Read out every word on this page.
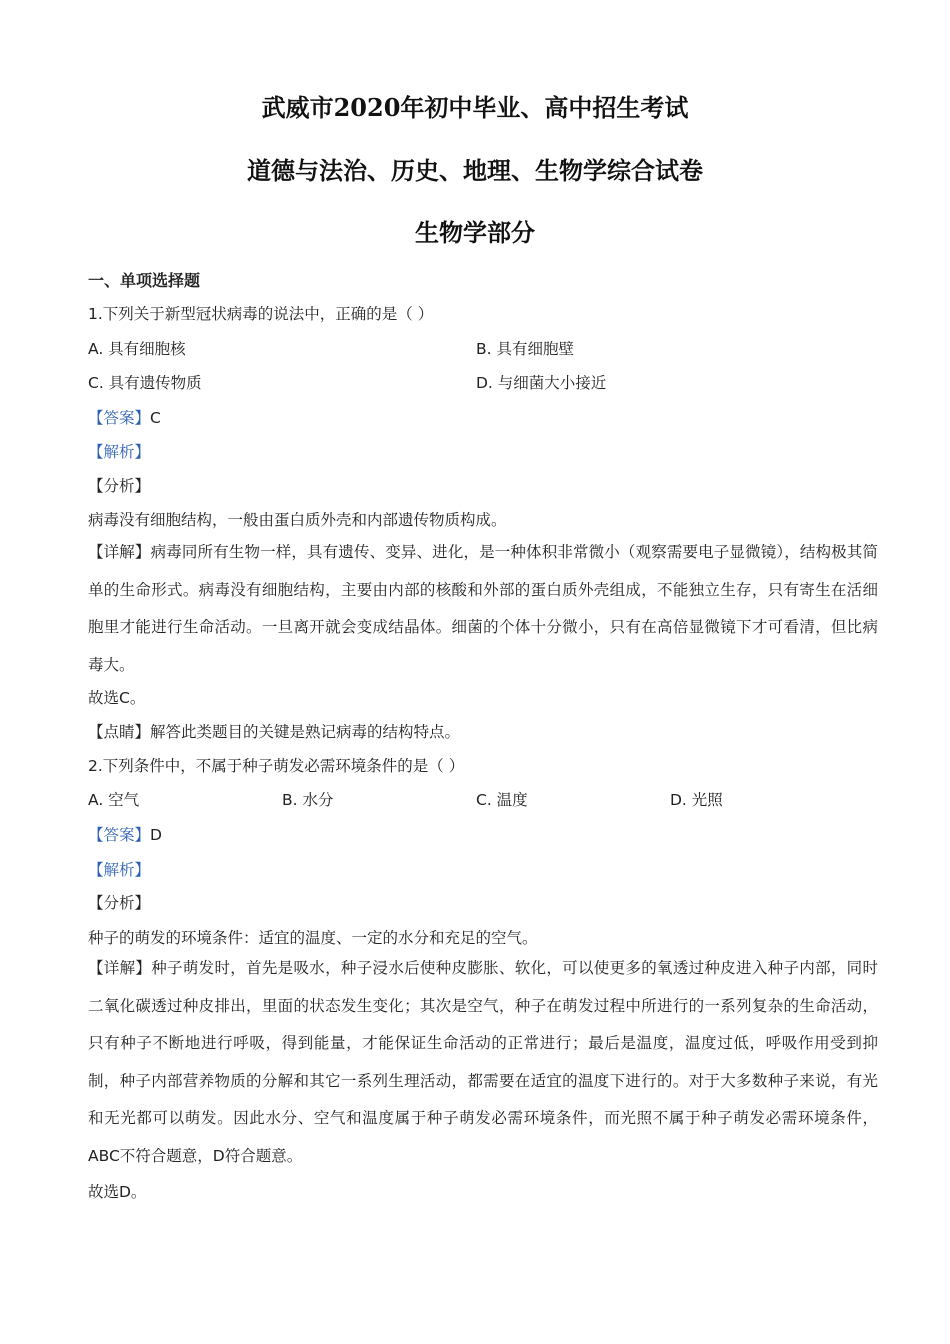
武威市2020年初中毕业、高中招生考试
道德与法治、历史、地理、生物学综合试卷
生物学部分
一、单项选择题
1.下列关于新型冠状病毒的说法中，正确的是（ ）
A. 具有细胞核	B. 具有细胞壁
C. 具有遗传物质	D. 与细菌大小接近
【答案】C
【解析】
【分析】
病毒没有细胞结构，一般由蛋白质外壳和内部遗传物质构成。
【详解】病毒同所有生物一样，具有遗传、变异、进化，是一种体积非常微小（观察需要电子显微镜），结构极其简单的生命形式。病毒没有细胞结构，主要由内部的核酸和外部的蛋白质外壳组成，不能独立生存，只有寄生在活细胞里才能进行生命活动。一旦离开就会变成结晶体。细菌的个体十分微小，只有在高倍显微镜下才可看清，但比病毒大。
故选C。
【点睛】解答此类题目的关键是熟记病毒的结构特点。
2.下列条件中，不属于种子萌发必需环境条件的是（ ）
A. 空气	B. 水分	C. 温度	D. 光照
【答案】D
【解析】
【分析】
种子的萌发的环境条件：适宜的温度、一定的水分和充足的空气。
【详解】种子萌发时，首先是吸水，种子浸水后使种皮膨胀、软化，可以使更多的氧透过种皮进入种子内部，同时二氧化碳透过种皮排出，里面的状态发生变化；其次是空气，种子在萌发过程中所进行的一系列复杂的生命活动，只有种子不断地进行呼吸，得到能量，才能保证生命活动的正常进行；最后是温度，温度过低，呼吸作用受到抑制，种子内部营养物质的分解和其它一系列生理活动，都需要在适宜的温度下进行的。对于大多数种子来说，有光和无光都可以萌发。因此水分、空气和温度属于种子萌发必需环境条件，而光照不属于种子萌发必需环境条件，ABC不符合题意，D符合题意。
故选D。
